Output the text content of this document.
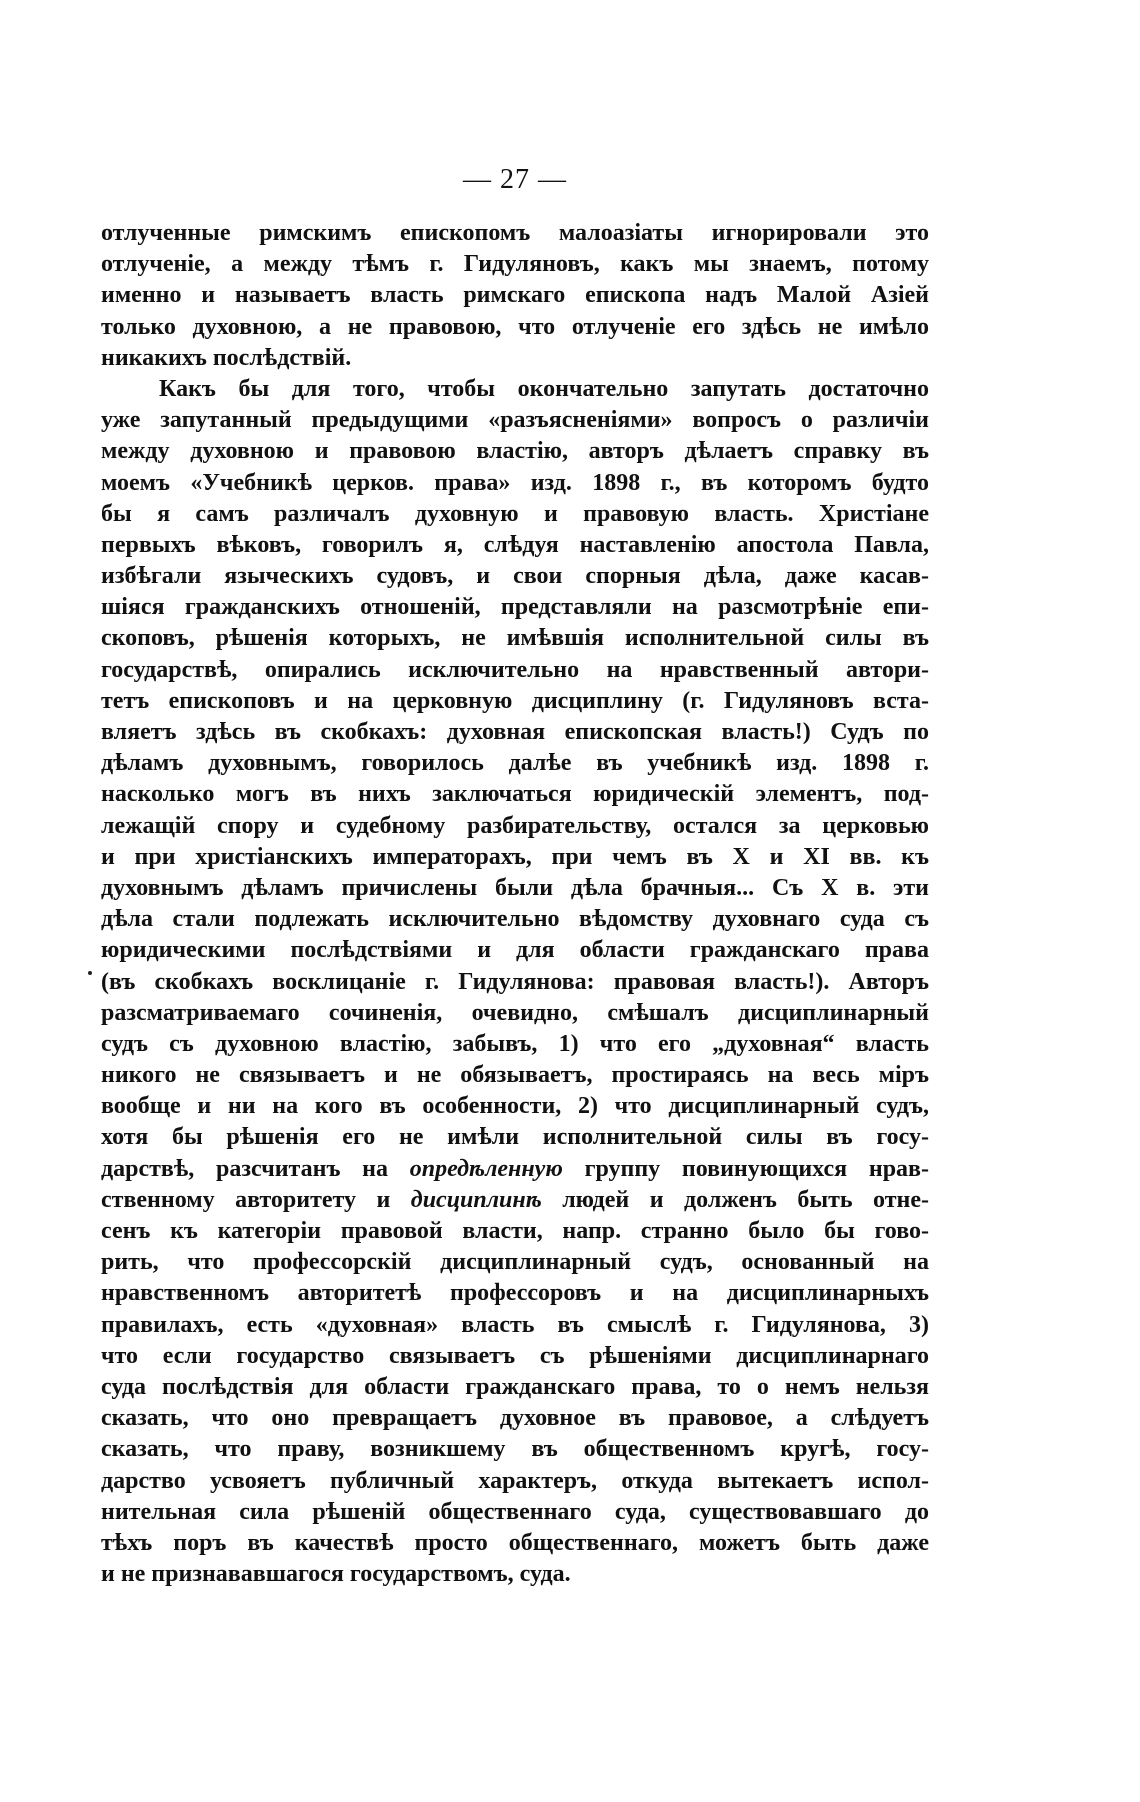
— 27 —
отлученные римскимъ епископомъ малоазіаты игнорировали это
отлученіе, а между тѣмъ г. Гидуляновъ, какъ мы знаемъ, потому
именно и называетъ власть римскаго епископа надъ Малой Азіей
только духовною, а не правовою, что отлученіе его здѣсь не имѣло
никакихъ послѣдствій.
Какъ бы для того, чтобы окончательно запутать достаточно
уже запутанный предыдущими «разъясненіями» вопросъ о различіи
между духовною и правовою властію, авторъ дѣлаетъ справку въ
моемъ «Учебникѣ церков. права» изд. 1898 г., въ которомъ будто
бы я самъ различалъ духовную и правовую власть. Христіане
первыхъ вѣковъ, говорилъ я, слѣдуя наставленію апостола Павла,
избѣгали языческихъ судовъ, и свои спорныя дѣла, даже касав-
шіяся гражданскихъ отношеній, представляли на разсмотрѣніе епи-
скоповъ, рѣшенія которыхъ, не имѣвшія исполнительной силы въ
государствѣ, опирались исключительно на нравственный автори-
тетъ епископовъ и на церковную дисциплину (г. Гидуляновъ вста-
вляетъ здѣсь въ скобкахъ: духовная епископская власть!) Судъ по
дѣламъ духовнымъ, говорилось далѣе въ учебникѣ изд. 1898 г.
насколько могъ въ нихъ заключаться юридическій элементъ, под-
лежащій спору и судебному разбирательству, остался за церковью
и при христіанскихъ императорахъ, при чемъ въ X и XI вв. къ
духовнымъ дѣламъ причислены были дѣла брачныя... Съ X в. эти
дѣла стали подлежать исключительно вѣдомству духовнаго суда съ
юридическими послѣдствіями и для области гражданскаго права
(въ скобкахъ восклицаніе г. Гидулянова: правовая власть!). Авторъ
разсматриваемаго сочиненія, очевидно, смѣшалъ дисциплинарный
судъ съ духовною властію, забывъ, 1) что его „духовная“ власть
никого не связываетъ и не обязываетъ, простираясь на весь міръ
вообще и ни на кого въ особенности, 2) что дисциплинарный судъ,
хотя бы рѣшенія его не имѣли исполнительной силы въ госу-
дарствѣ, разсчитанъ на опредѣленную группу повинующихся нрав-
ственному авторитету и дисциплинѣ людей и долженъ быть отне-
сенъ къ категоріи правовой власти, напр. странно было бы гово-
рить, что профессорскій дисциплинарный судъ, основанный на
нравственномъ авторитетѣ профессоровъ и на дисциплинарныхъ
правилахъ, есть «духовная» власть въ смыслѣ г. Гидулянова, 3)
что если государство связываетъ съ рѣшеніями дисциплинарнаго
суда послѣдствія для области гражданскаго права, то о немъ нельзя
сказать, что оно превращаетъ духовное въ правовое, а слѣдуетъ
сказать, что праву, возникшему въ общественномъ кругѣ, госу-
дарство усвояетъ публичный характеръ, откуда вытекаетъ испол-
нительная сила рѣшеній общественнаго суда, существовавшаго до
тѣхъ поръ въ качествѣ просто общественнаго, можетъ быть даже
и не признававшагося государствомъ, суда.
